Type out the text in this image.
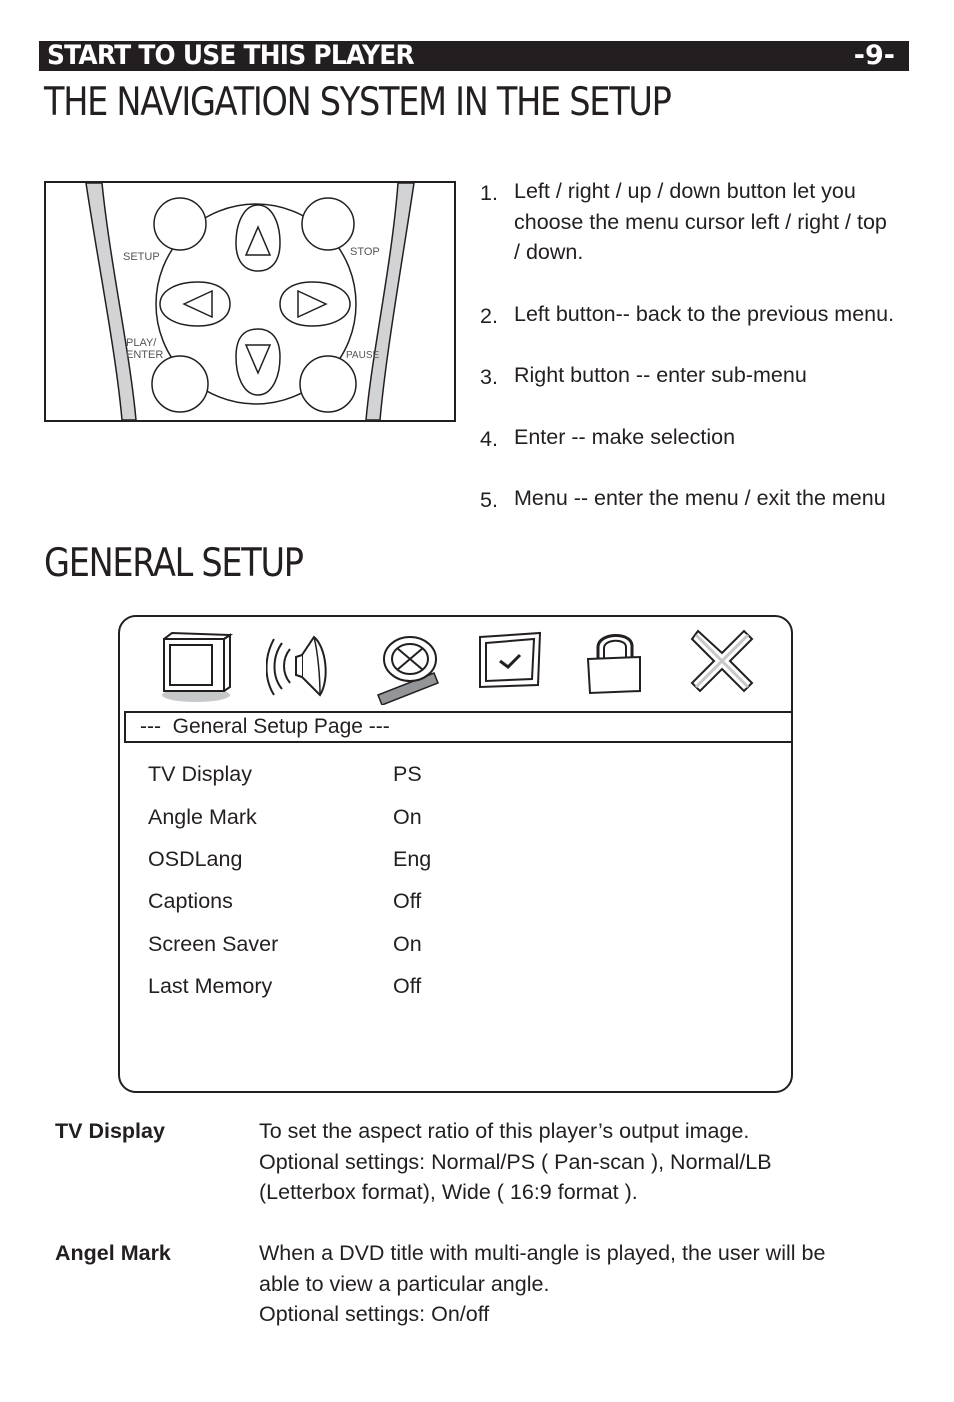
START TO USE THIS PLAYER	-9-
THE NAVIGATION SYSTEM IN THE SETUP
SETUP	STOP
PLAY/
ENTER	PAUSE
1. Left / right / up / down button let you
choose the menu cursor left / right / top
/ down.
2. Left button-- back to the previous menu.
3. Right button -- enter sub-menu
4. Enter -- make selection
5. Menu -- enter the menu / exit the menu
GENERAL SETUP
---  General Setup Page ---
TV Display	PS
Angle Mark	On
OSDLang	Eng
Captions	Off
Screen Saver	On
Last Memory	Off
TV Display	To set the aspect ratio of this player’s output image.
Optional settings: Normal/PS ( Pan-scan ), Normal/LB
(Letterbox format), Wide ( 16:9 format ).
Angel Mark	When a DVD title with multi-angle is played, the user will be
able to view a particular angle.
Optional settings: On/off
